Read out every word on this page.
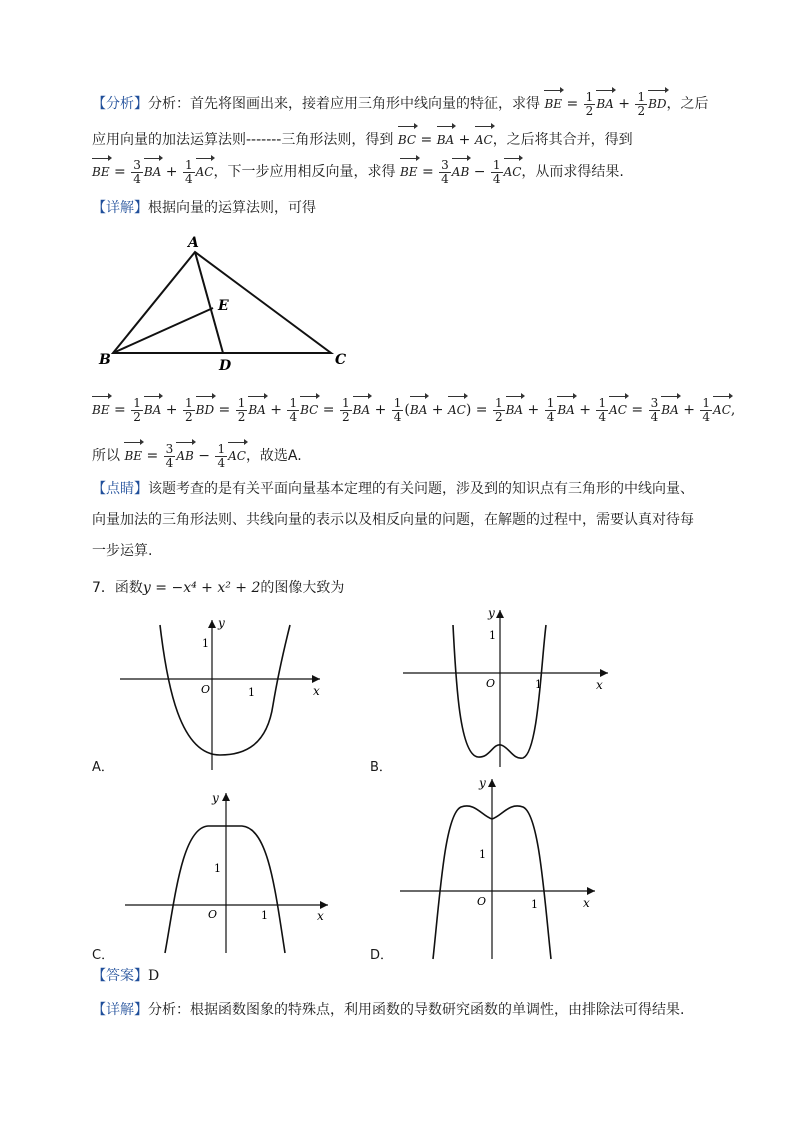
【分析】分析：首先将图画出来，接着应用三角形中线向量的特征，求得 BE = $\frac{1}{2}$ BA + $\frac{1}{2}$ BD，之后
应用向量的加法运算法则-------三角形法则，得到 BC = BA + AC，之后将其合并，得到
BE = $\frac{3}{4}$ BA + $\frac{1}{4}$ AC，下一步应用相反向量，求得 BE = $\frac{3}{4}$ AB − $\frac{1}{4}$ AC，从而求得结果.
【详解】根据向量的运算法则，可得
A
E
B	D	C
BE = $\frac{1}{2}$ BA + $\frac{1}{2}$ BD = $\frac{1}{2}$ BA + $\frac{1}{4}$ BC = $\frac{1}{2}$ BA + $\frac{1}{4} (BA + AC) = \frac{1}{2}$ BA + $\frac{1}{4}$ BA + $\frac{1}{4}$ AC = $\frac{3}{4}$ BA + $\frac{1}{4}$ AC,
所以 BE = $\frac{3}{4}$ AB − $\frac{1}{4}$ AC，故选A.
【点睛】该题考查的是有关平面向量基本定理的有关问题，涉及到的知识点有三角形的中线向量、
向量加法的三角形法则、共线向量的表示以及相反向量的问题，在解题的过程中，需要认真对待每
一步运算.
7．函数y = −x⁴ + x² + 2的图像大致为
y
1
O	1	x
A．
y
1
O	1	x
B．
y
1
O	1	x
C．
y
1
O	1	x
D．
【答案】D
【详解】分析：根据函数图象的特殊点，利用函数的导数研究函数的单调性，由排除法可得结果.
